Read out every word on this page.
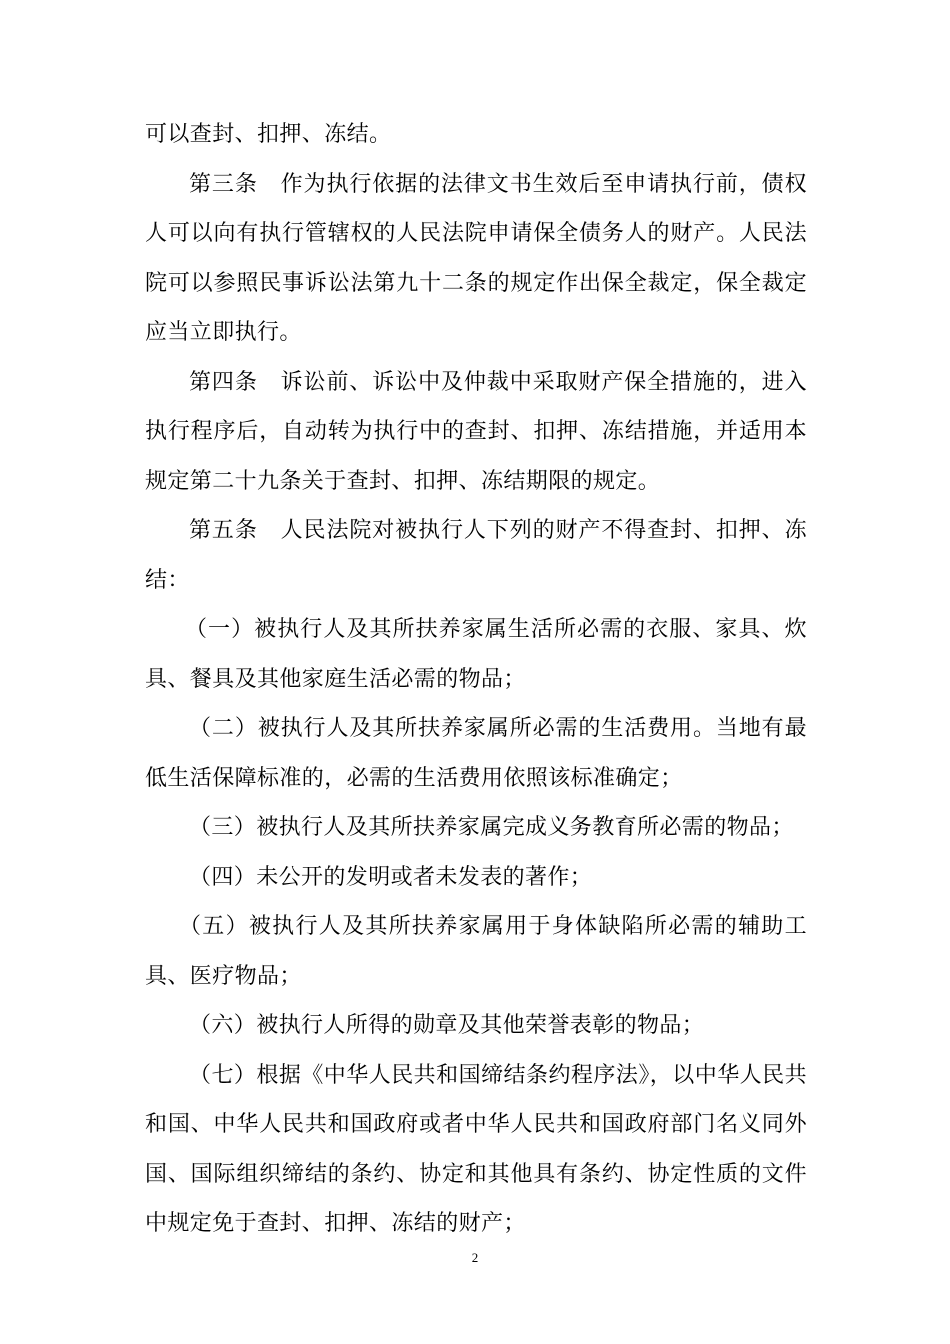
可以查封、扣押、冻结。

第三条　作为执行依据的法律文书生效后至申请执行前，债权人可以向有执行管辖权的人民法院申请保全债务人的财产。人民法院可以参照民事诉讼法第九十二条的规定作出保全裁定，保全裁定应当立即执行。

第四条　诉讼前、诉讼中及仲裁中采取财产保全措施的，进入执行程序后，自动转为执行中的查封、扣押、冻结措施，并适用本规定第二十九条关于查封、扣押、冻结期限的规定。

第五条　人民法院对被执行人下列的财产不得查封、扣押、冻结：

（一）被执行人及其所扶养家属生活所必需的衣服、家具、炊具、餐具及其他家庭生活必需的物品；

（二）被执行人及其所扶养家属所必需的生活费用。当地有最低生活保障标准的，必需的生活费用依照该标准确定；

（三）被执行人及其所扶养家属完成义务教育所必需的物品；

（四）未公开的发明或者未发表的著作；

（五）被执行人及其所扶养家属用于身体缺陷所必需的辅助工具、医疗物品；

（六）被执行人所得的勋章及其他荣誉表彰的物品；

（七）根据《中华人民共和国缔结条约程序法》，以中华人民共和国、中华人民共和国政府或者中华人民共和国政府部门名义同外国、国际组织缔结的条约、协定和其他具有条约、协定性质的文件中规定免于查封、扣押、冻结的财产；

2
